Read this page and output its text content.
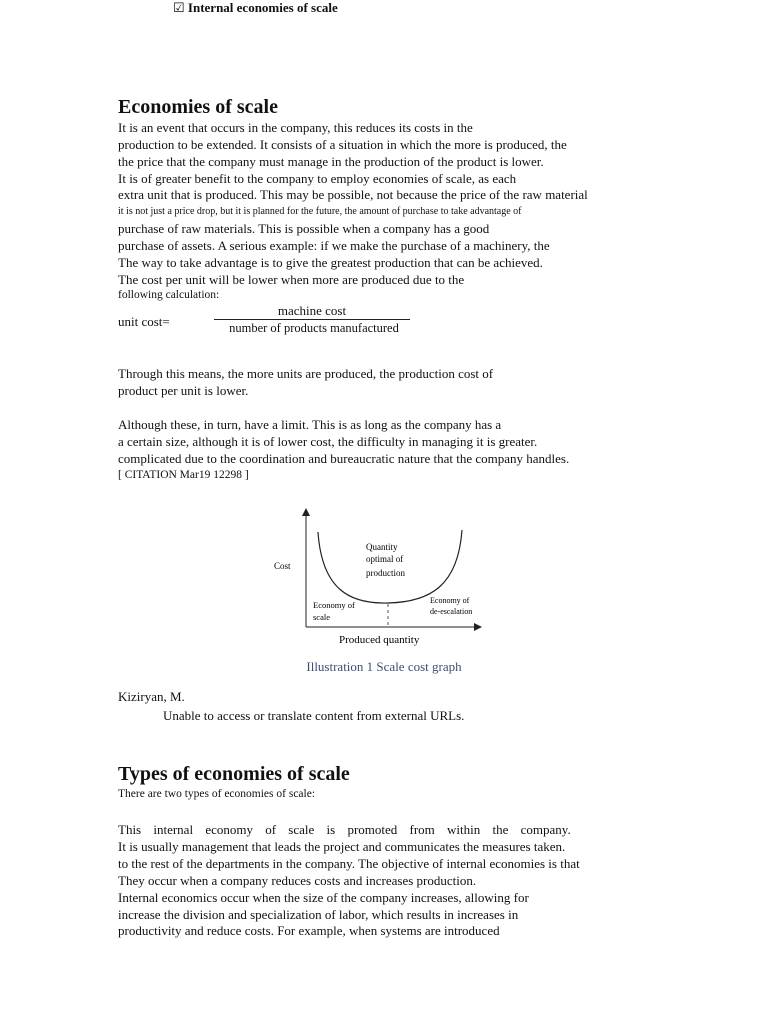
Economies of scale
It is an event that occurs in the company, this reduces its costs in the
production to be extended. It consists of a situation in which the more is produced, the
the price that the company must manage in the production of the product is lower.
It is of greater benefit to the company to employ economies of scale, as each
extra unit that is produced. This may be possible, not because the price of the raw material
it is not just a price drop, but it is planned for the future, the amount of purchase to take advantage of
purchase of raw materials. This is possible when a company has a good
purchase of assets. A serious example: if we make the purchase of a machinery, the
The way to take advantage is to give the greatest production that can be achieved.
The cost per unit will be lower when more are produced due to the
following calculation:
unit cost=
machine cost
number of products manufactured
Through this means, the more units are produced, the production cost of
product per unit is lower.
Although these, in turn, have a limit. This is as long as the company has a
a certain size, although it is of lower cost, the difficulty in managing it is greater.
complicated due to the coordination and bureaucratic nature that the company handles.
[ CITATION Mar19 12298 ]
Cost
Quantity
optimal of
production
Economy of
scale
Economy of
de-escalation
Produced quantity
Illustration 1 Scale cost graph
Kiziryan, M.
Unable to access or translate content from external URLs.
Types of economies of scale
There are two types of economies of scale:
☑ Internal economies of scale
This internal economy of scale is promoted from within the company.
It is usually management that leads the project and communicates the measures taken.
to the rest of the departments in the company. The objective of internal economies is that
They occur when a company reduces costs and increases production.
Internal economics occur when the size of the company increases, allowing for
increase the division and specialization of labor, which results in increases in
productivity and reduce costs. For example, when systems are introduced
